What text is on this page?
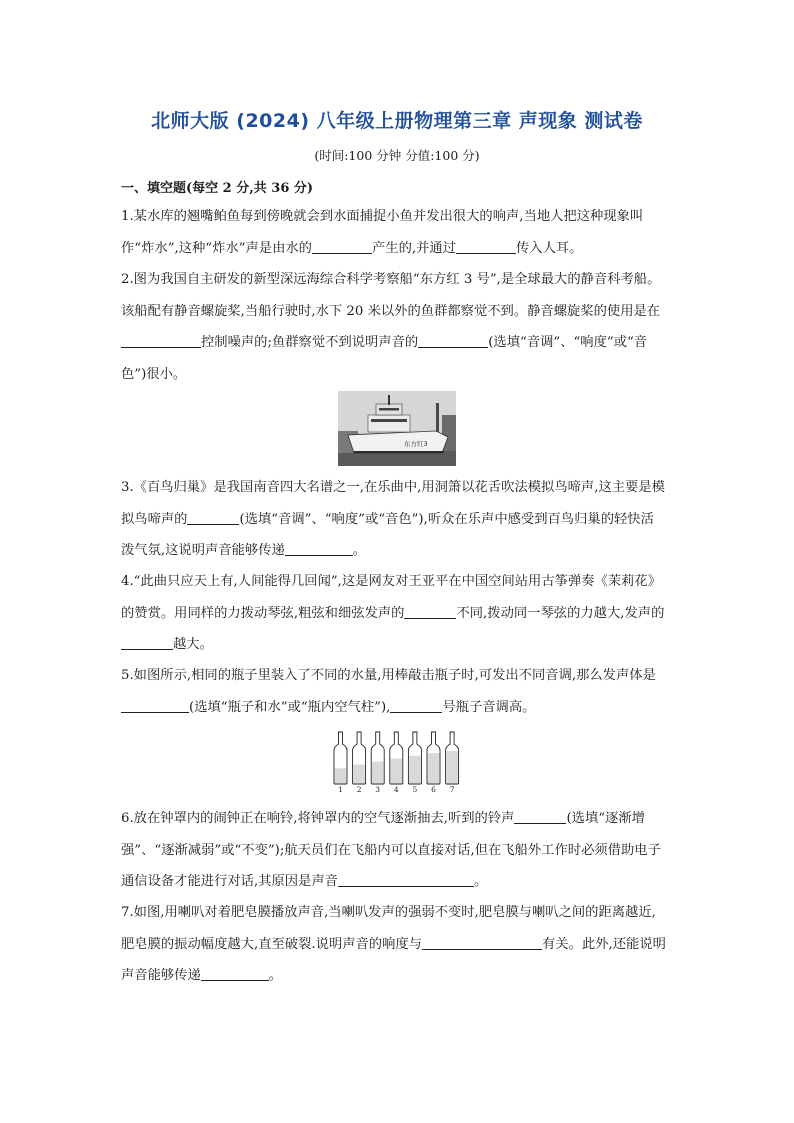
北师大版 (2024) 八年级上册物理第三章 声现象 测试卷
(时间:100 分钟 分值:100 分)
一、填空题(每空 2 分,共 36 分)

1.某水库的翘嘴鲌鱼每到傍晚就会到水面捕捉小鱼并发出很大的响声,当地人把这种现象叫作“炸水”,这种“炸水”声是由水的	产生的,并通过	传入人耳。

2.图为我国自主研发的新型深远海综合科学考察船“东方红 3 号”,是全球最大的静音科考船。该船配有静音螺旋桨,当船行驶时,水下 20 米以外的鱼群都察觉不到。静音螺旋桨的使用是在控制噪声的;鱼群察觉不到说明声音的	(选填“音调”、“响度”或“音色”)很小。

东方红3

3.《百鸟归巢》是我国南音四大名谱之一,在乐曲中,用洞箫以花舌吹法模拟鸟啼声,这主要是模拟鸟啼声的	(选填“音调”、“响度”或“音色”),听众在乐声中感受到百鸟归巢的轻快活泼气氛,这说明声音能够传递	。

4.“此曲只应天上有,人间能得几回闻”,这是网友对王亚平在中国空间站用古筝弹奏《茉莉花》的赞赏。用同样的力拨动琴弦,粗弦和细弦发声的	不同,拨动同一琴弦的力越大,发声的越大。

5.如图所示,相同的瓶子里装入了不同的水量,用棒敲击瓶子时,可发出不同音调,那么发声体是(选填“瓶子和水”或“瓶内空气柱”),	号瓶子音调高。

1 2 3 4 5 6 7

6.放在钟罩内的闹钟正在响铃,将钟罩内的空气逐渐抽去,听到的铃声	(选填“逐渐增强”、“逐渐减弱”或“不变”);航天员们在飞船内可以直接对话,但在飞船外工作时必须借助电子通信设备才能进行对话,其原因是声音	。

7.如图,用喇叭对着肥皂膜播放声音,当喇叭发声的强弱不变时,肥皂膜与喇叭之间的距离越近,肥皂膜的振动幅度越大,直至破裂.说明声音的响度与	有关。此外,还能说明声音能够传递	。
